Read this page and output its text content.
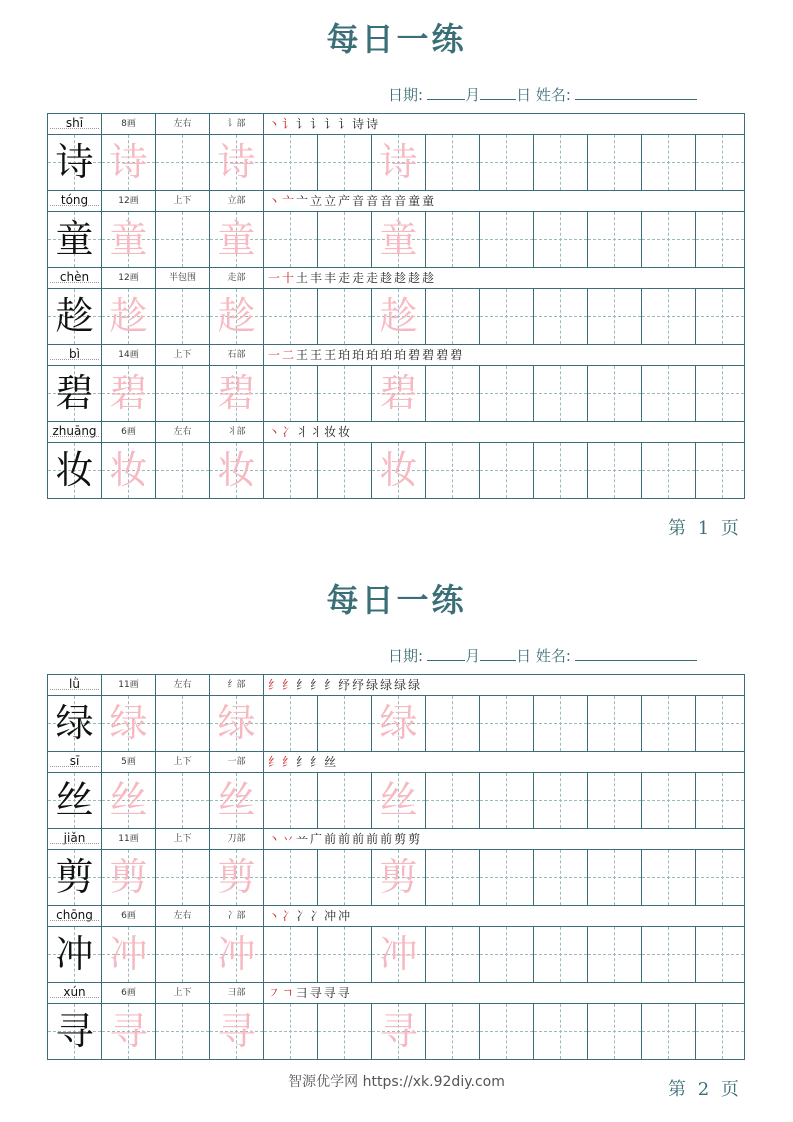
每日一练
日期:	月 日 姓名:
shī	8画	左右	讠部	丶讠讠讠讠讠诗诗
诗 诗 诗	诗
tóng	12画	上下	立部	丶亠亠立立产音音音音童童
童 童 童	童
chèn	12画	半包围	走部	一十土丰丰走走走趁趁趁趁
趁 趁 趁	趁
bì	14画	上下	石部	一二王王王珀珀珀珀珀碧碧碧碧
碧 碧 碧	碧
zhuāng	6画	左右	丬部	丶冫丬丬妆妆
妆 妆 妆	妆
第 1 页
每日一练
日期:	月 日 姓名:
lǜ	11画	左右	纟部	纟纟纟纟纟纾纾绿绿绿绿
绿 绿 绿	绿
sī	5画	上下	一部	纟纟纟纟丝
丝 丝 丝	丝
jiǎn	11画	上下	刀部	丶丷䒑广前前前前前剪剪
剪 剪 剪	剪
chōng	6画	左右	冫部	丶冫冫冫冲冲
冲 冲 冲	冲
xún	6画	上下	彐部	㇇ㄱ彐寻寻寻
寻 寻 寻	寻
第 2 页
智源优学网 https://xk.92diy.com
